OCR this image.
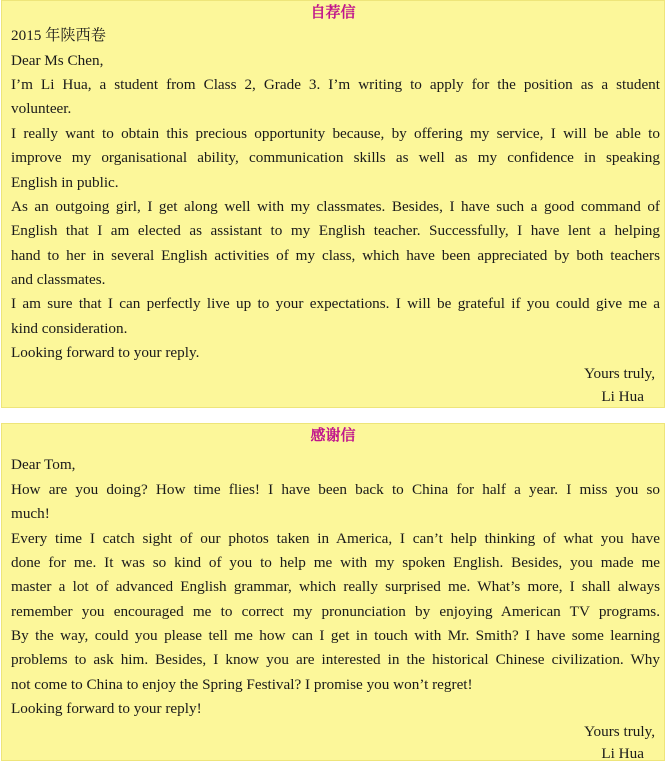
自荐信
2015 年陕西卷
Dear Ms Chen,
I’m Li Hua, a student from Class 2, Grade 3. I’m writing to apply for the position as a student
volunteer.
I really want to obtain this precious opportunity because, by offering my service, I will be able to
improve my organisational ability, communication skills as well as my confidence in speaking
English in public.
As an outgoing girl, I get along well with my classmates. Besides, I have such a good command of
English that I am elected as assistant to my English teacher. Successfully, I have lent a helping
hand to her in several English activities of my class, which have been appreciated by both teachers
and classmates.
I am sure that I can perfectly live up to your expectations. I will be grateful if you could give me a
kind consideration.
Looking forward to your reply.
Yours truly,
Li Hua
感谢信
Dear Tom,
How are you doing? How time flies! I have been back to China for half a year. I miss you so
much!
Every time I catch sight of our photos taken in America, I can’t help thinking of what you have
done for me. It was so kind of you to help me with my spoken English. Besides, you made me
master a lot of advanced English grammar, which really surprised me. What’s more, I shall always
remember you encouraged me to correct my pronunciation by enjoying American TV programs.
By the way, could you please tell me how can I get in touch with Mr. Smith? I have some learning
problems to ask him. Besides, I know you are interested in the historical Chinese civilization. Why
not come to China to enjoy the Spring Festival? I promise you won’t regret!
Looking forward to your reply!
Yours truly,
Li Hua
